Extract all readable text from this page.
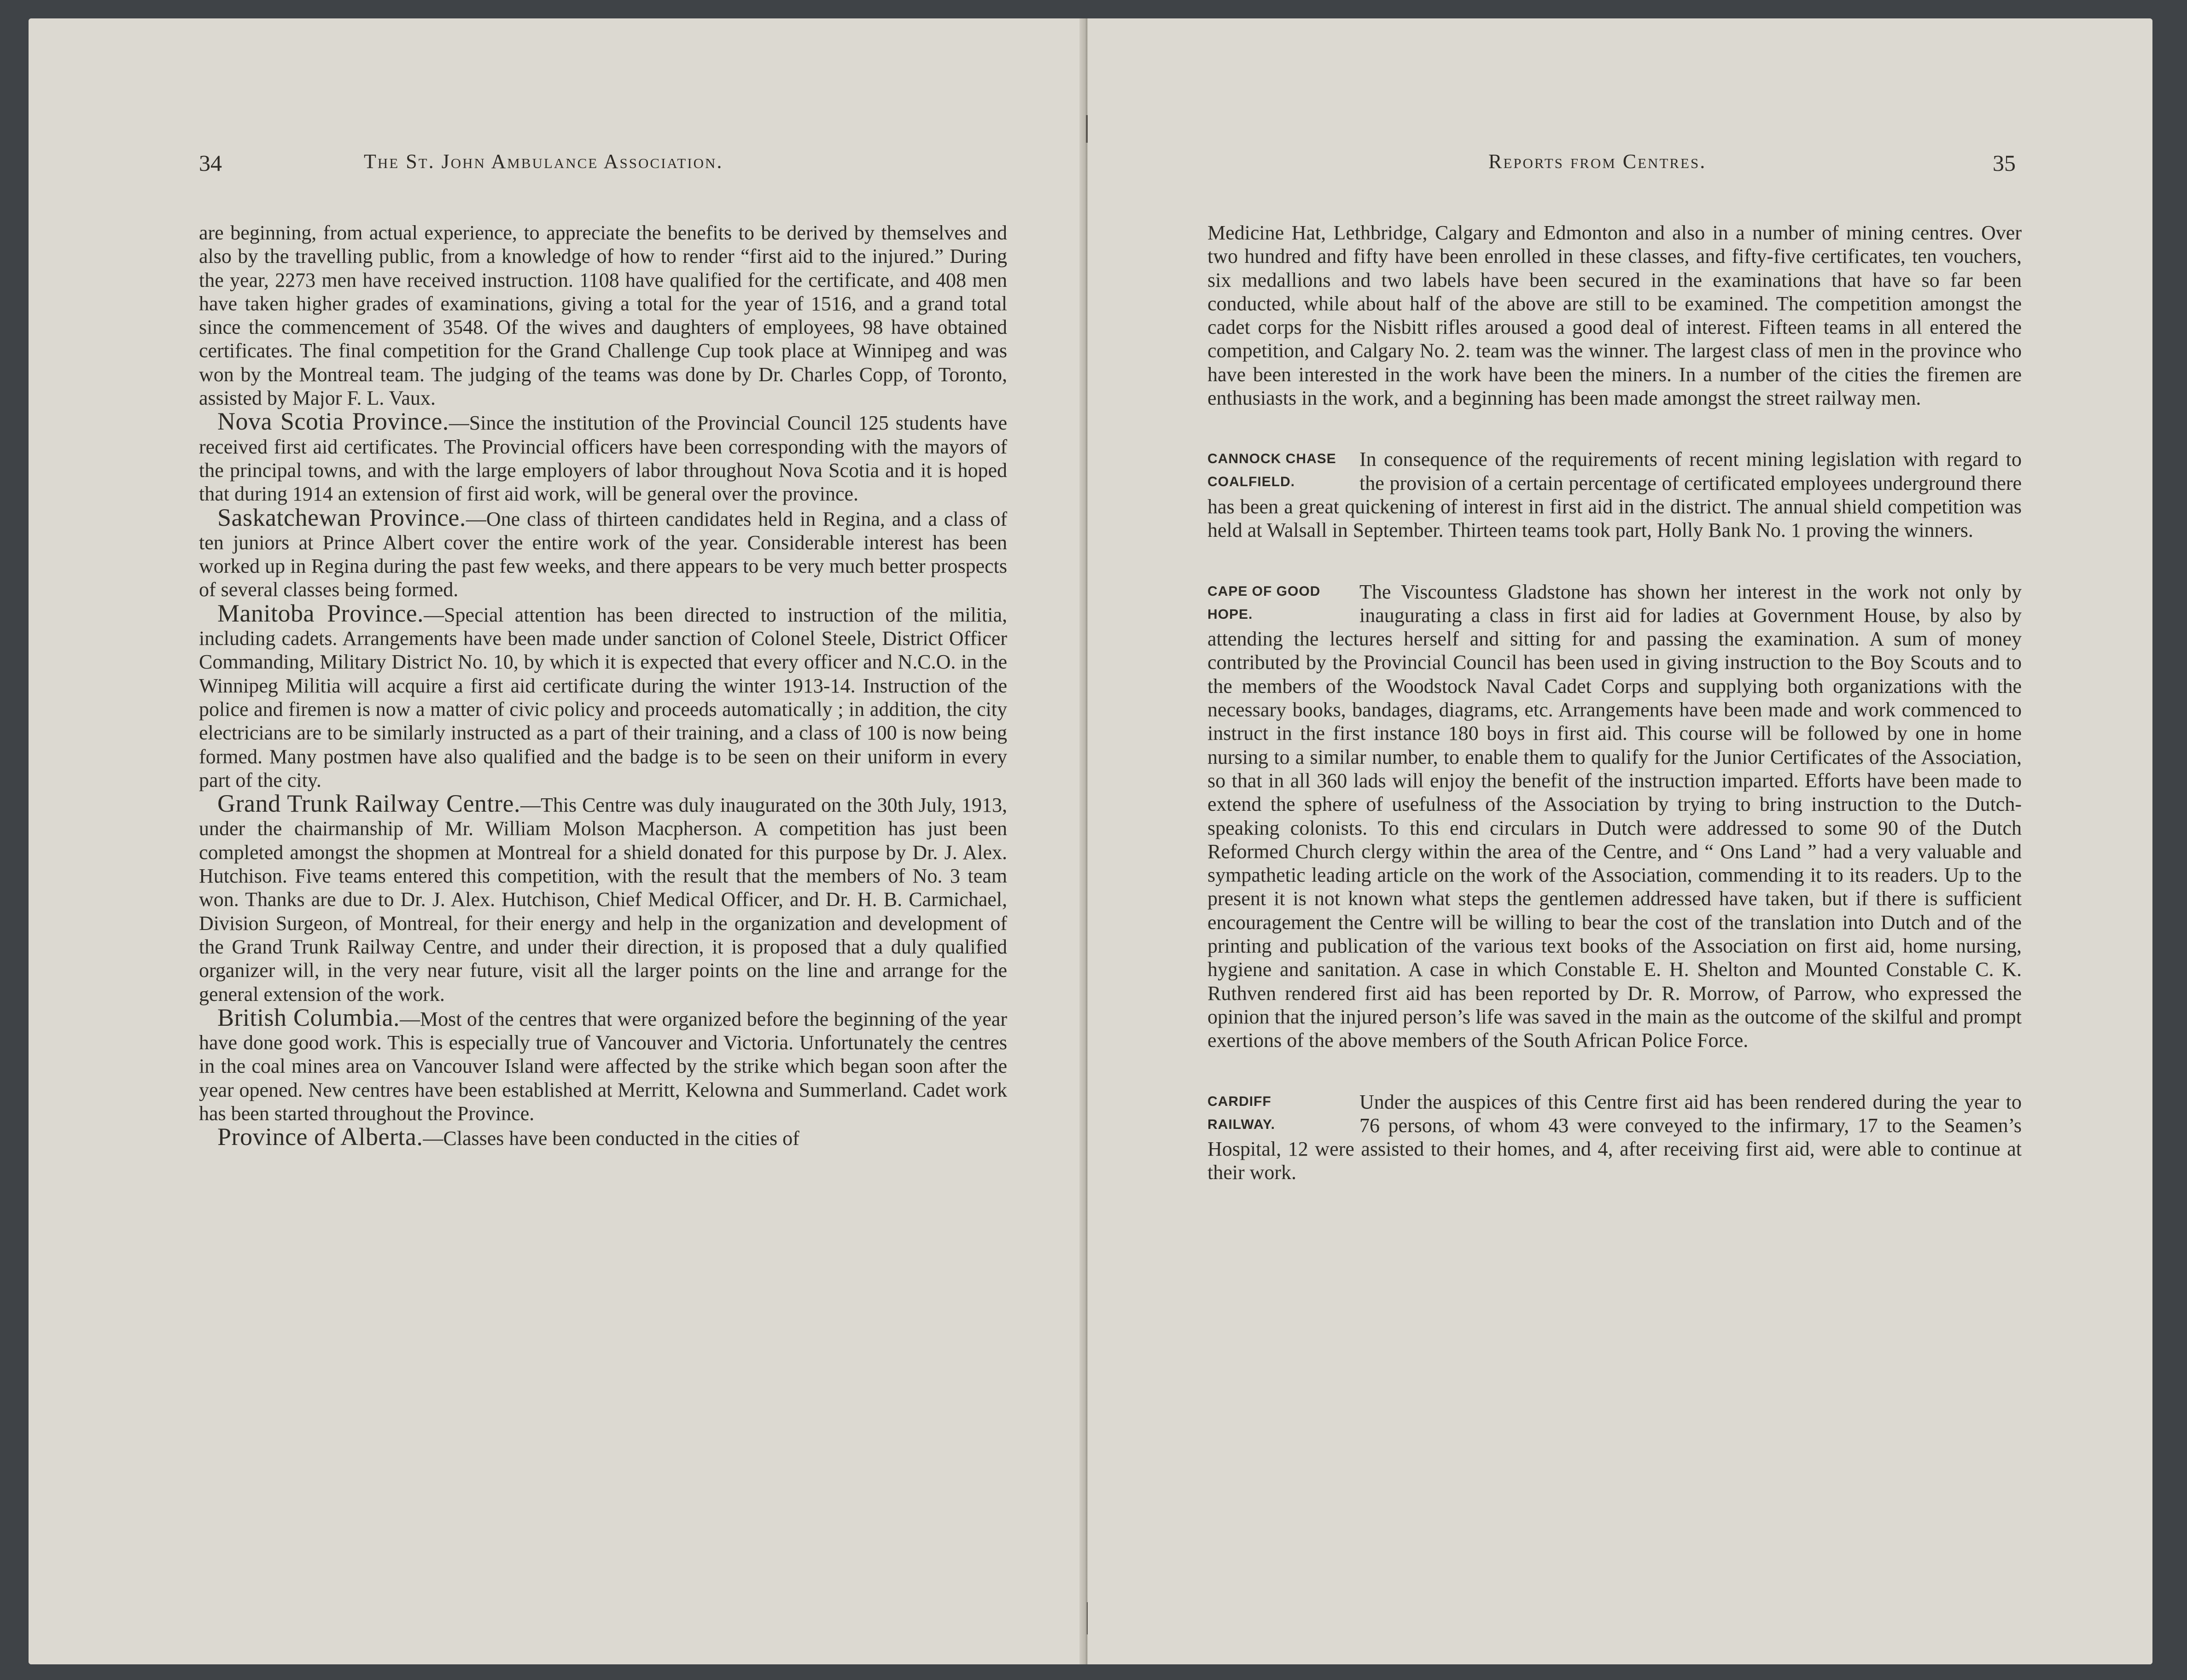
34	The St. John Ambulance Association.

are beginning, from actual experience, to appreciate the benefits to be derived by themselves and also by the travelling public, from a knowledge of how to render “first aid to the injured.” During the year, 2273 men have received instruction. 1108 have qualified for the certificate, and 408 men have taken higher grades of examinations, giving a total for the year of 1516, and a grand total since the commencement of 3548. Of the wives and daughters of employees, 98 have obtained certificates. The final competition for the Grand Challenge Cup took place at Winnipeg and was won by the Montreal team. The judging of the teams was done by Dr. Charles Copp, of Toronto, assisted by Major F. L. Vaux.

Nova Scotia Province.—Since the institution of the Provincial Council 125 students have received first aid certificates. The Provincial officers have been corresponding with the mayors of the principal towns, and with the large employers of labor throughout Nova Scotia and it is hoped that during 1914 an extension of first aid work, will be general over the province.

Saskatchewan Province.—One class of thirteen candidates held in Regina, and a class of ten juniors at Prince Albert cover the entire work of the year. Considerable interest has been worked up in Regina during the past few weeks, and there appears to be very much better prospects of several classes being formed.

Manitoba Province.—Special attention has been directed to instruction of the militia, including cadets. Arrangements have been made under sanction of Colonel Steele, District Officer Commanding, Military District No. 10, by which it is expected that every officer and N.C.O. in the Winnipeg Militia will acquire a first aid certificate during the winter 1913-14. Instruction of the police and firemen is now a matter of civic policy and proceeds automatically ; in addition, the city electricians are to be similarly instructed as a part of their training, and a class of 100 is now being formed. Many postmen have also qualified and the badge is to be seen on their uniform in every part of the city.

Grand Trunk Railway Centre.—This Centre was duly inaugurated on the 30th July, 1913, under the chairmanship of Mr. William Molson Macpherson. A competition has just been completed amongst the shopmen at Montreal for a shield donated for this purpose by Dr. J. Alex. Hutchison. Five teams entered this competition, with the result that the members of No. 3 team won. Thanks are due to Dr. J. Alex. Hutchison, Chief Medical Officer, and Dr. H. B. Carmichael, Division Surgeon, of Montreal, for their energy and help in the organization and development of the Grand Trunk Railway Centre, and under their direction, it is proposed that a duly qualified organizer will, in the very near future, visit all the larger points on the line and arrange for the general extension of the work.

British Columbia.—Most of the centres that were organized before the beginning of the year have done good work. This is especially true of Vancouver and Victoria. Unfortunately the centres in the coal mines area on Vancouver Island were affected by the strike which began soon after the year opened. New centres have been established at Merritt, Kelowna and Summerland. Cadet work has been started throughout the Province.

Province of Alberta.—Classes have been conducted in the cities of

Reports from Centres.	35

Medicine Hat, Lethbridge, Calgary and Edmonton and also in a number of mining centres. Over two hundred and fifty have been enrolled in these classes, and fifty-five certificates, ten vouchers, six medallions and two labels have been secured in the examinations that have so far been conducted, while about half of the above are still to be examined. The competition amongst the cadet corps for the Nisbitt rifles aroused a good deal of interest. Fifteen teams in all entered the competition, and Calgary No. 2. team was the winner. The largest class of men in the province who have been interested in the work have been the miners. In a number of the cities the firemen are enthusiasts in the work, and a beginning has been made amongst the street railway men.

CANNOCK CHASE
COALFIELD.

In consequence of the requirements of recent mining legislation with regard to the provision of a certain percentage of certificated employees underground there has been a great quickening of interest in first aid in the district. The annual shield competition was held at Walsall in September. Thirteen teams took part, Holly Bank No. 1 proving the winners.

CAPE OF GOOD
HOPE.

The Viscountess Gladstone has shown her interest in the work not only by inaugurating a class in first aid for ladies at Government House, by also by attending the lectures herself and sitting for and passing the examination. A sum of money contributed by the Provincial Council has been used in giving instruction to the Boy Scouts and to the members of the Woodstock Naval Cadet Corps and supplying both organizations with the necessary books, bandages, diagrams, etc. Arrangements have been made and work commenced to instruct in the first instance 180 boys in first aid. This course will be followed by one in home nursing to a similar number, to enable them to qualify for the Junior Certificates of the Association, so that in all 360 lads will enjoy the benefit of the instruction imparted. Efforts have been made to extend the sphere of usefulness of the Association by trying to bring instruction to the Dutch-speaking colonists. To this end circulars in Dutch were addressed to some 90 of the Dutch Reformed Church clergy within the area of the Centre, and “ Ons Land ” had a very valuable and sympathetic leading article on the work of the Association, commending it to its readers. Up to the present it is not known what steps the gentlemen addressed have taken, but if there is sufficient encouragement the Centre will be willing to bear the cost of the translation into Dutch and of the printing and publication of the various text books of the Association on first aid, home nursing, hygiene and sanitation. A case in which Constable E. H. Shelton and Mounted Constable C. K. Ruthven rendered first aid has been reported by Dr. R. Morrow, of Parrow, who expressed the opinion that the injured person’s life was saved in the main as the outcome of the skilful and prompt exertions of the above members of the South African Police Force.

CARDIFF
RAILWAY.

Under the auspices of this Centre first aid has been rendered during the year to 76 persons, of whom 43 were conveyed to the infirmary, 17 to the Seamen’s Hospital, 12 were assisted to their homes, and 4, after receiving first aid, were able to continue at their work.
